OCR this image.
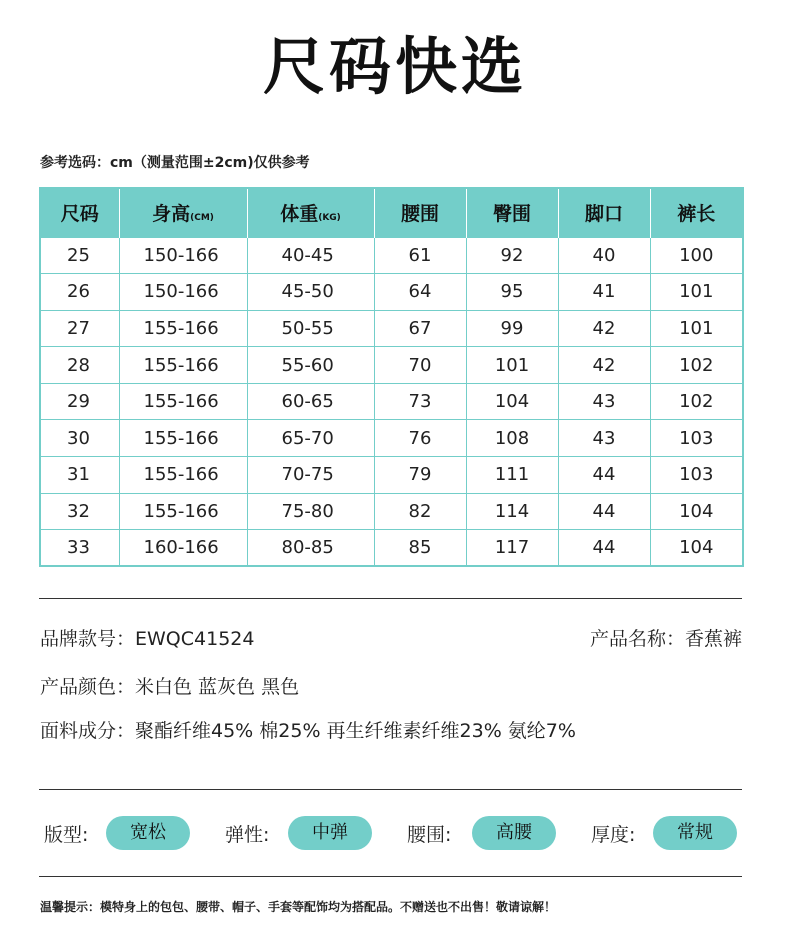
尺码快选
参考选码：cm（测量范围±2cm)仅供参考
尺码	身高(CM)	体重(KG)	腰围	臀围	脚口	裤长
25	150-166	40-45	61	92	40	100
26	150-166	45-50	64	95	41	101
27	155-166	50-55	67	99	42	101
28	155-166	55-60	70	101	42	102
29	155-166	60-65	73	104	43	102
30	155-166	65-70	76	108	43	103
31	155-166	70-75	79	111	44	103
32	155-166	75-80	82	114	44	104
33	160-166	80-85	85	117	44	104
品牌款号：EWQC41524	产品名称：香蕉裤
产品颜色：米白色 蓝灰色 黑色
面料成分：聚酯纤维45% 棉25% 再生纤维素纤维23% 氨纶7%
版型:	宽松	弹性:	中弹	腰围:	高腰	厚度:	常规
温馨提示：模特身上的包包、腰带、帽子、手套等配饰均为搭配品。不赠送也不出售！敬请谅解！
